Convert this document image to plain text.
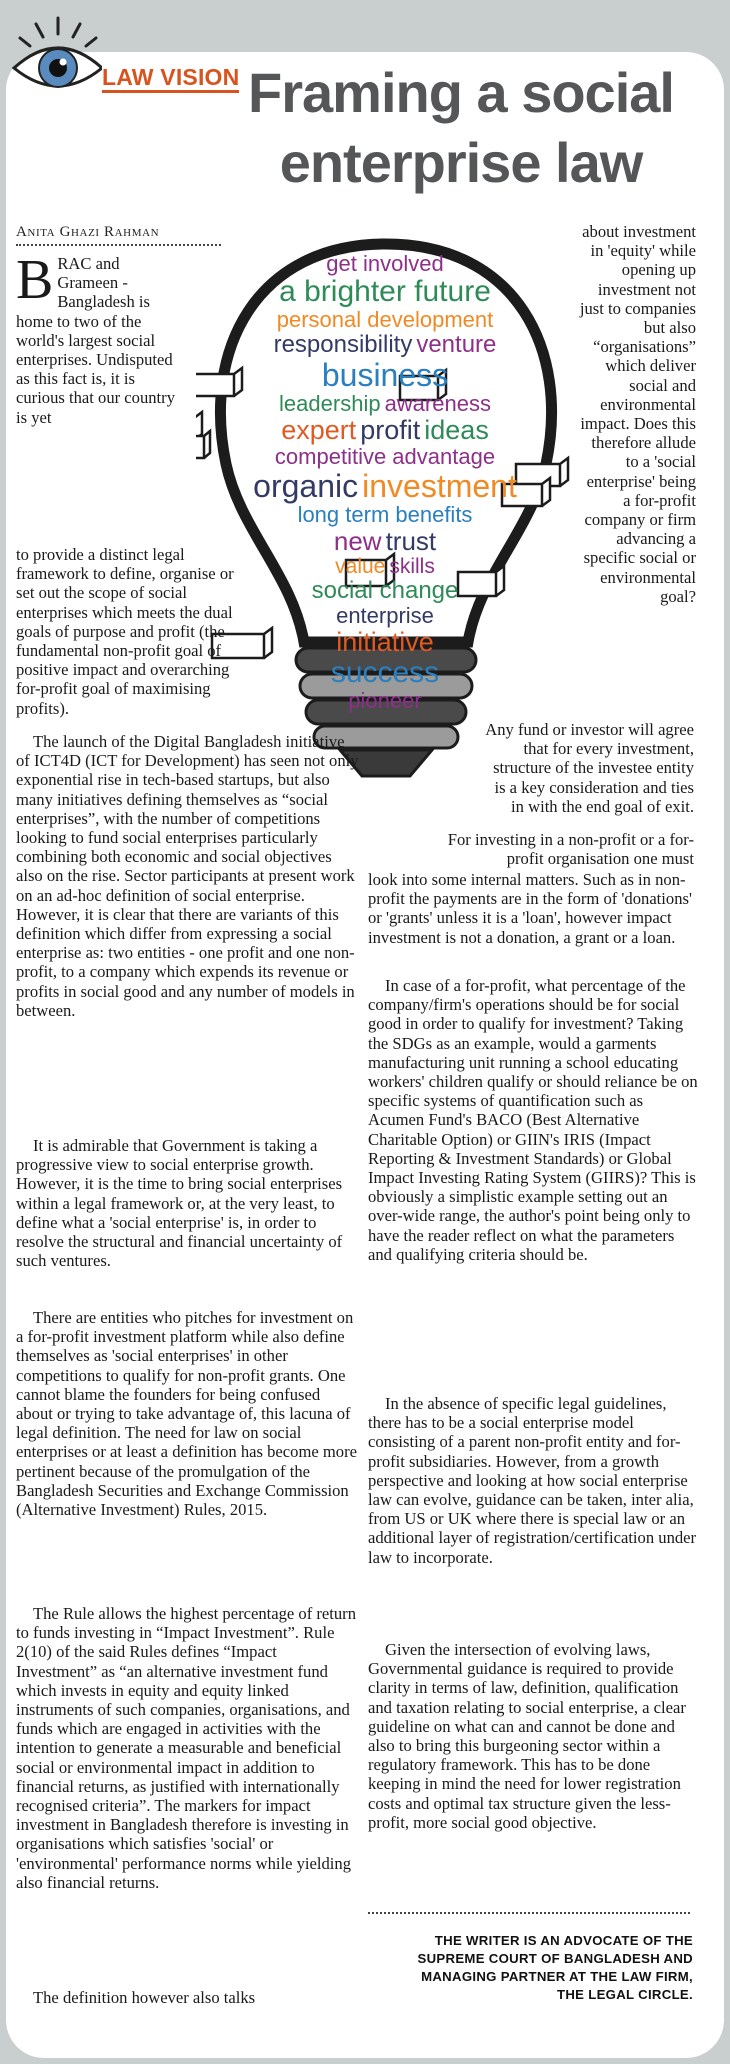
LAW VISION Framing a social
enterprise law
Anita Ghazi Rahman
get involved
a brighter future
personal development
responsibility venture
business
leadership awareness
expert profit ideas
competitive advantage
organic investment
long term benefits
new trust
value skills
social change
enterprise
initiative
success
pioneer

BRAC and Grameen - Bangladesh is home to two of the world's largest social enterprises. Undisputed as this fact is, it is curious that our country is yet

to provide a distinct legal framework to define, organise or set out the scope of social enterprises which meets the dual goals of purpose and profit (the fundamental non-profit goal of positive impact and overarching for-profit goal of maximising profits).

The launch of the Digital Bangladesh initiative of ICT4D (ICT for Development) has seen not only exponential rise in tech-based startups, but also many initiatives defining themselves as “social enterprises”, with the number of competitions looking to fund social enterprises particularly combining both economic and social objectives also on the rise. Sector participants at present work on an ad-hoc definition of social enterprise. However, it is clear that there are variants of this definition which differ from expressing a social enterprise as: two entities - one profit and one non-profit, to a company which expends its revenue or profits in social good and any number of models in between.

It is admirable that Government is taking a progressive view to social enterprise growth. However, it is the time to bring social enterprises within a legal framework or, at the very least, to define what a 'social enterprise' is, in order to resolve the structural and financial uncertainty of such ventures.

There are entities who pitches for investment on a for-profit investment platform while also define themselves as 'social enterprises' in other competitions to qualify for non-profit grants. One cannot blame the founders for being confused about or trying to take advantage of, this lacuna of legal definition. The need for law on social enterprises or at least a definition has become more pertinent because of the promulgation of the Bangladesh Securities and Exchange Commission (Alternative Investment) Rules, 2015.

The Rule allows the highest percentage of return to funds investing in “Impact Investment”. Rule 2(10) of the said Rules defines “Impact Investment” as “an alternative investment fund which invests in equity and equity linked instruments of such companies, organisations, and funds which are engaged in activities with the intention to generate a measurable and beneficial social or environmental impact in addition to financial returns, as justified with internationally recognised criteria”. The markers for impact investment in Bangladesh therefore is investing in organisations which satisfies 'social' or 'environmental' performance norms while yielding also financial returns.

The definition however also talks

about investment in 'equity' while opening up investment not just to companies but also “organisations” which deliver social and environmental impact. Does this therefore allude to a 'social enterprise' being a for-profit company or firm advancing a specific social or environmental goal?

Any fund or investor will agree that for every investment, structure of the investee entity is a key consideration and ties in with the end goal of exit.

For investing in a non-profit or a for-profit organisation one must

look into some internal matters. Such as in non-profit the payments are in the form of 'donations' or 'grants' unless it is a 'loan', however impact investment is not a donation, a grant or a loan.

In case of a for-profit, what percentage of the company/firm's operations should be for social good in order to qualify for investment? Taking the SDGs as an example, would a garments manufacturing unit running a school educating workers' children qualify or should reliance be on specific systems of quantification such as Acumen Fund's BACO (Best Alternative Charitable Option) or GIIN's IRIS (Impact Reporting & Investment Standards) or Global Impact Investing Rating System (GIIRS)? This is obviously a simplistic example setting out an over-wide range, the author's point being only to have the reader reflect on what the parameters and qualifying criteria should be.

In the absence of specific legal guidelines, there has to be a social enterprise model consisting of a parent non-profit entity and for-profit subsidiaries. However, from a growth perspective and looking at how social enterprise law can evolve, guidance can be taken, inter alia, from US or UK where there is special law or an additional layer of registration/certification under law to incorporate.

Given the intersection of evolving laws, Governmental guidance is required to provide clarity in terms of law, definition, qualification and taxation relating to social enterprise, a clear guideline on what can and cannot be done and also to bring this burgeoning sector within a regulatory framework. This has to be done keeping in mind the need for lower registration costs and optimal tax structure given the less-profit, more social good objective.

THE WRITER IS AN ADVOCATE OF THE
SUPREME COURT OF BANGLADESH AND
MANAGING PARTNER AT THE LAW FIRM,
THE LEGAL CIRCLE.
